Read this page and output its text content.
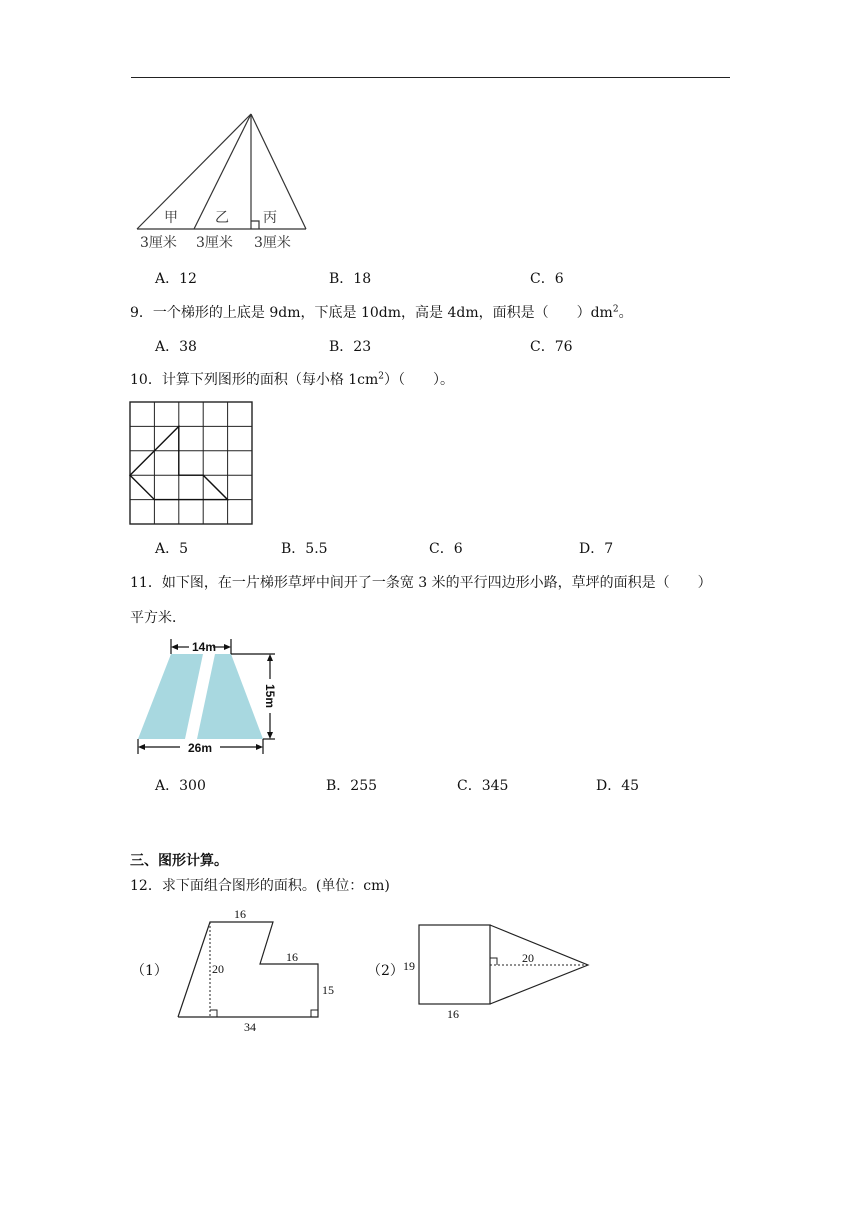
甲	乙 丙
3厘米 3厘米 3厘米
A．12	B．18	C．6
9．一个梯形的上底是 9dm，下底是 10dm，高是 4dm，面积是（　　）$dm^2$。
A．38	B．23	C．76
10．计算下列图形的面积（每小格 $1cm^2$）（　　）。
A．5	B．5.5	C．6	D．7
11．如下图，在一片梯形草坪中间开了一条宽 3 米的平行四边形小路，草坪的面积是（　　）
平方米．
14m
26m
15m
A．300	B．255	C．345	D．45
三、图形计算。
12．求下面组合图形的面积。(单位：cm)
（1）
16
16
20
15
34
（2） 19
20
16
